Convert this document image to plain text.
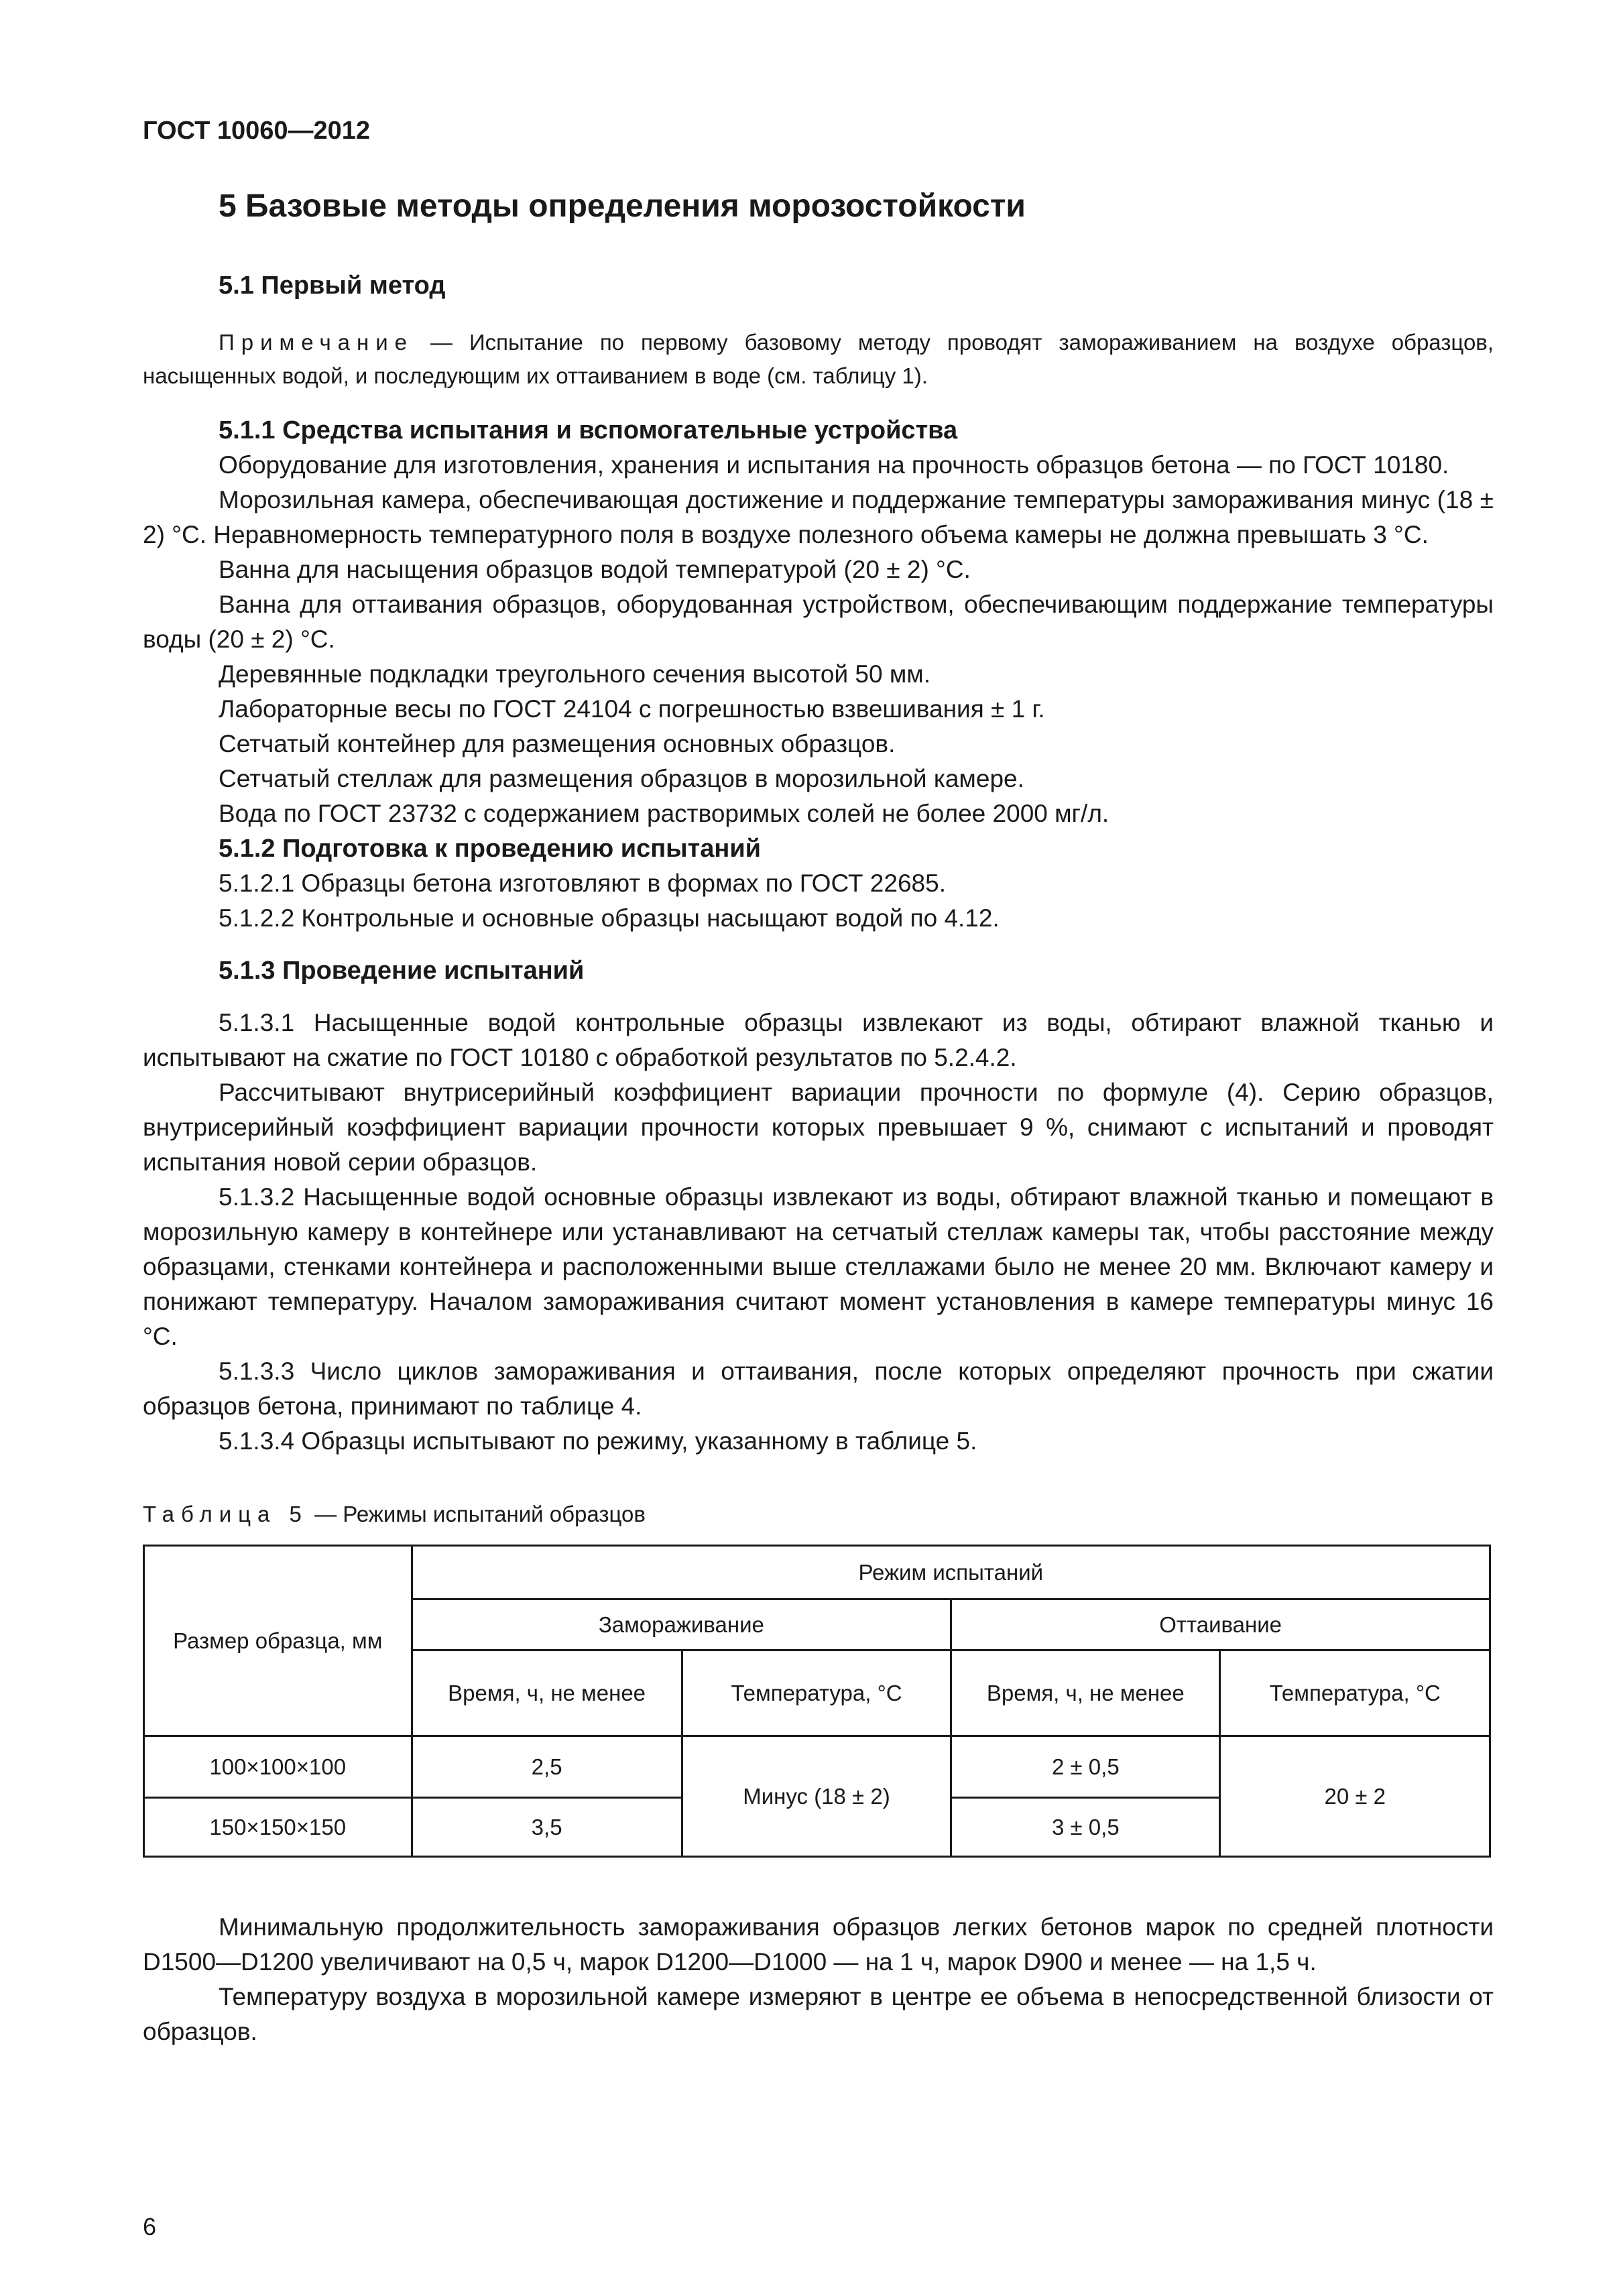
ГОСТ 10060—2012
5 Базовые методы определения морозостойкости
5.1 Первый метод
Примечание — Испытание по первому базовому методу проводят замораживанием на воздухе образцов, насыщенных водой, и последующим их оттаиванием в воде (см. таблицу 1).
5.1.1 Средства испытания и вспомогательные устройства

Оборудование для изготовления, хранения и испытания на прочность образцов бетона — по ГОСТ 10180.

Морозильная камера, обеспечивающая достижение и поддержание температуры замораживания минус (18 ± 2) °С. Неравномерность температурного поля в воздухе полезного объема камеры не должна превышать 3 °С.

Ванна для насыщения образцов водой температурой (20 ± 2) °С.

Ванна для оттаивания образцов, оборудованная устройством, обеспечивающим поддержание температуры воды (20 ± 2) °С.

Деревянные подкладки треугольного сечения высотой 50 мм.

Лабораторные весы по ГОСТ 24104 с погрешностью взвешивания ± 1 г.

Сетчатый контейнер для размещения основных образцов.

Сетчатый стеллаж для размещения образцов в морозильной камере.

Вода по ГОСТ 23732 с содержанием растворимых солей не более 2000 мг/л.

5.1.2 Подготовка к проведению испытаний

5.1.2.1 Образцы бетона изготовляют в формах по ГОСТ 22685.

5.1.2.2 Контрольные и основные образцы насыщают водой по 4.12.

5.1.3 Проведение испытаний

5.1.3.1 Насыщенные водой контрольные образцы извлекают из воды, обтирают влажной тканью и испытывают на сжатие по ГОСТ 10180 с обработкой результатов по 5.2.4.2.

Рассчитывают внутрисерийный коэффициент вариации прочности по формуле (4). Серию образцов, внутрисерийный коэффициент вариации прочности которых превышает 9 %, снимают с испытаний и проводят испытания новой серии образцов.

5.1.3.2 Насыщенные водой основные образцы извлекают из воды, обтирают влажной тканью и помещают в морозильную камеру в контейнере или устанавливают на сетчатый стеллаж камеры так, чтобы расстояние между образцами, стенками контейнера и расположенными выше стеллажами было не менее 20 мм. Включают камеру и понижают температуру. Началом замораживания считают момент установления в камере температуры минус 16 °С.

5.1.3.3 Число циклов замораживания и оттаивания, после которых определяют прочность при сжатии образцов бетона, принимают по таблице 4.

5.1.3.4 Образцы испытывают по режиму, указанному в таблице 5.

Таблица 5 — Режимы испытаний образцов
Размер образца, мм	Режим испытаний			
	Замораживание		Оттаивание	
	Время, ч, не менее	Температура, °С	Время, ч, не менее	Температура, °С
100×100×100	2,5	Минус (18 ± 2)	2 ± 0,5	20 ± 2
150×150×150	3,5		3 ± 0,5	

Минимальную продолжительность замораживания образцов легких бетонов марок по средней плотности D1500—D1200 увеличивают на 0,5 ч, марок D1200—D1000 — на 1 ч, марок D900 и менее — на 1,5 ч.

Температуру воздуха в морозильной камере измеряют в центре ее объема в непосредственной близости от образцов.

6
